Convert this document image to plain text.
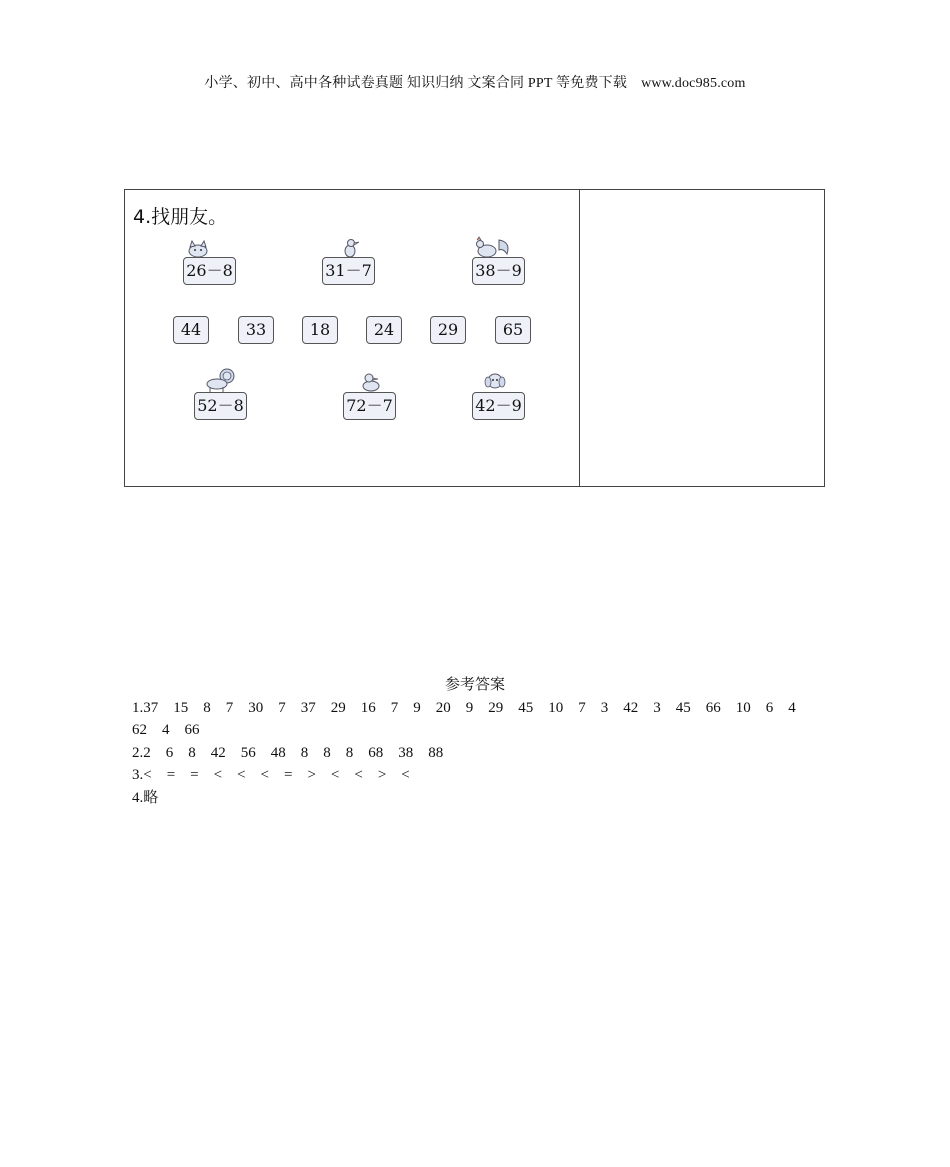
小学、初中、高中各种试卷真题 知识归纳 文案合同 PPT 等免费下载 www.doc985.com
4.找朋友。
26－8	31－7	38－9
44	33	18	24	29	65
52－8	72－7	42－9
参考答案
1.37    15    8    7    30    7    37    29    16    7    9    20    9    29    45    10    7    3    42    3    45    66    10    6    4
62    4    66
2.2    6    8    42    56    48    8    8    8    68    38    88
3.<    =    =    <    <    <    =    >    <    <    >    <
4.略
